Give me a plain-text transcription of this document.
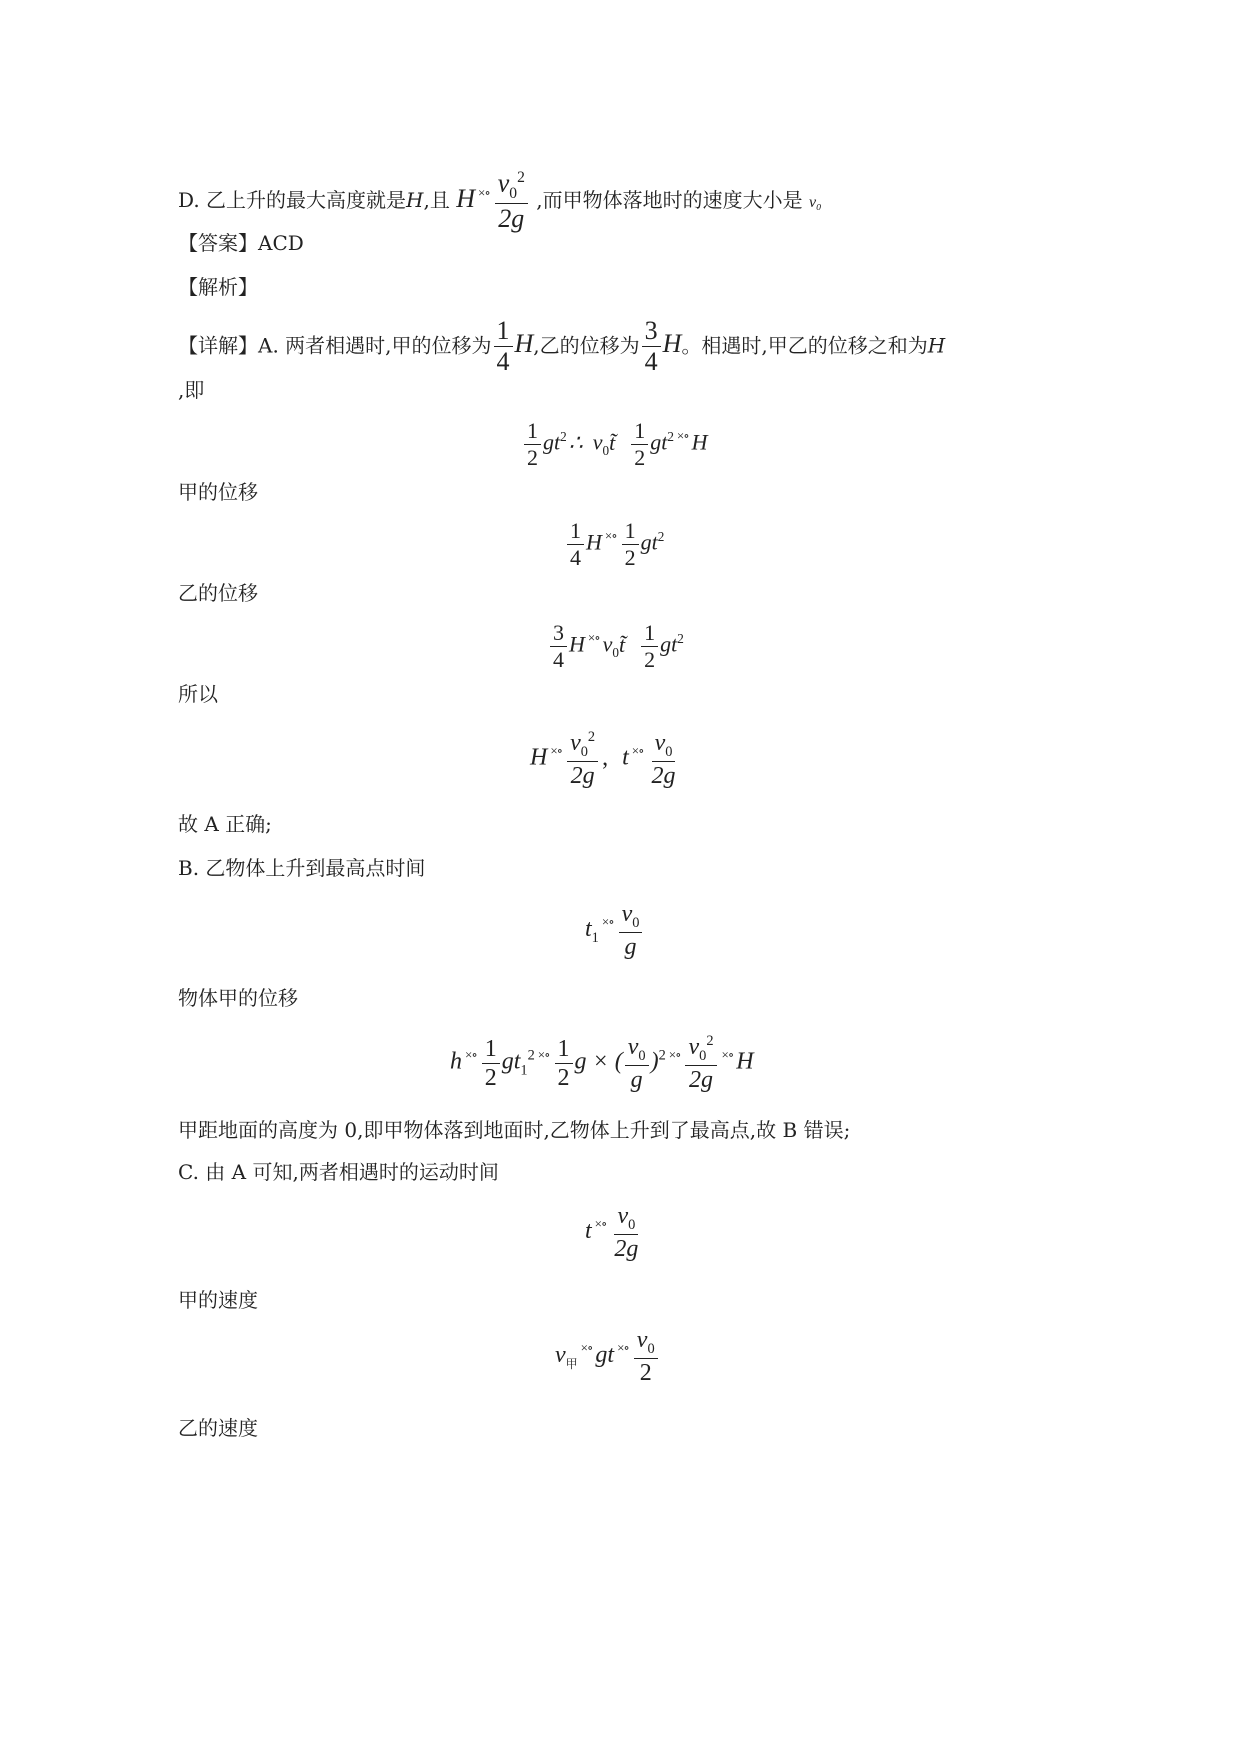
D. 乙上升的最大高度就是H,且 H $^{\times\circ} \frac{v_0^2}{2g}$ ,而甲物体落地时的速度大小是 v₀
【答案】ACD
【解析】
【详解】A. 两者相遇时,甲的位移为 $\frac{1}{4} H$,乙的位移为 $\frac{3}{4}$ H。相遇时,甲乙的位移之和为H
,即
$\frac{1}{2}$ $gt^2\therefore$ $v_0t̃ \frac{1}{2} gt^2$ ×∘ H
甲的位移
$\frac{1}{4}$ H $^{\times\circ} \frac{1}{2} gt^2$
乙的位移
$\frac{3}{4}$ H ×∘ $v_0t̃ \frac{1}{2} gt^2$
所以
H $^{\times\circ} \frac{v_0^2}{2g}$ , t $^{\times\circ} \frac{v_0}{2g}$
故 A 正确;
B. 乙物体上升到最高点时间
$t_1^{\times\circ} \frac{v_0}{g}$
物体甲的位移
h $^{\times\circ} \frac{1}{2} gt_1^2$ $^{\times\circ} \frac{1}{2}$ g × ( $\frac{v_0}{g} )^2$ $^{\times\circ} \frac{v_0^2}{2g} ^{\times\circ}$ H
甲距地面的高度为 0,即甲物体落到地面时,乙物体上升到了最高点,故 B 错误;
C. 由 A 可知,两者相遇时的运动时间
t $^{\times\circ} \frac{v_0}{2g}$
甲的速度
$v_甲^{\times\circ}$ gt $^{\times\circ} \frac{v_0}{2}$
乙的速度
